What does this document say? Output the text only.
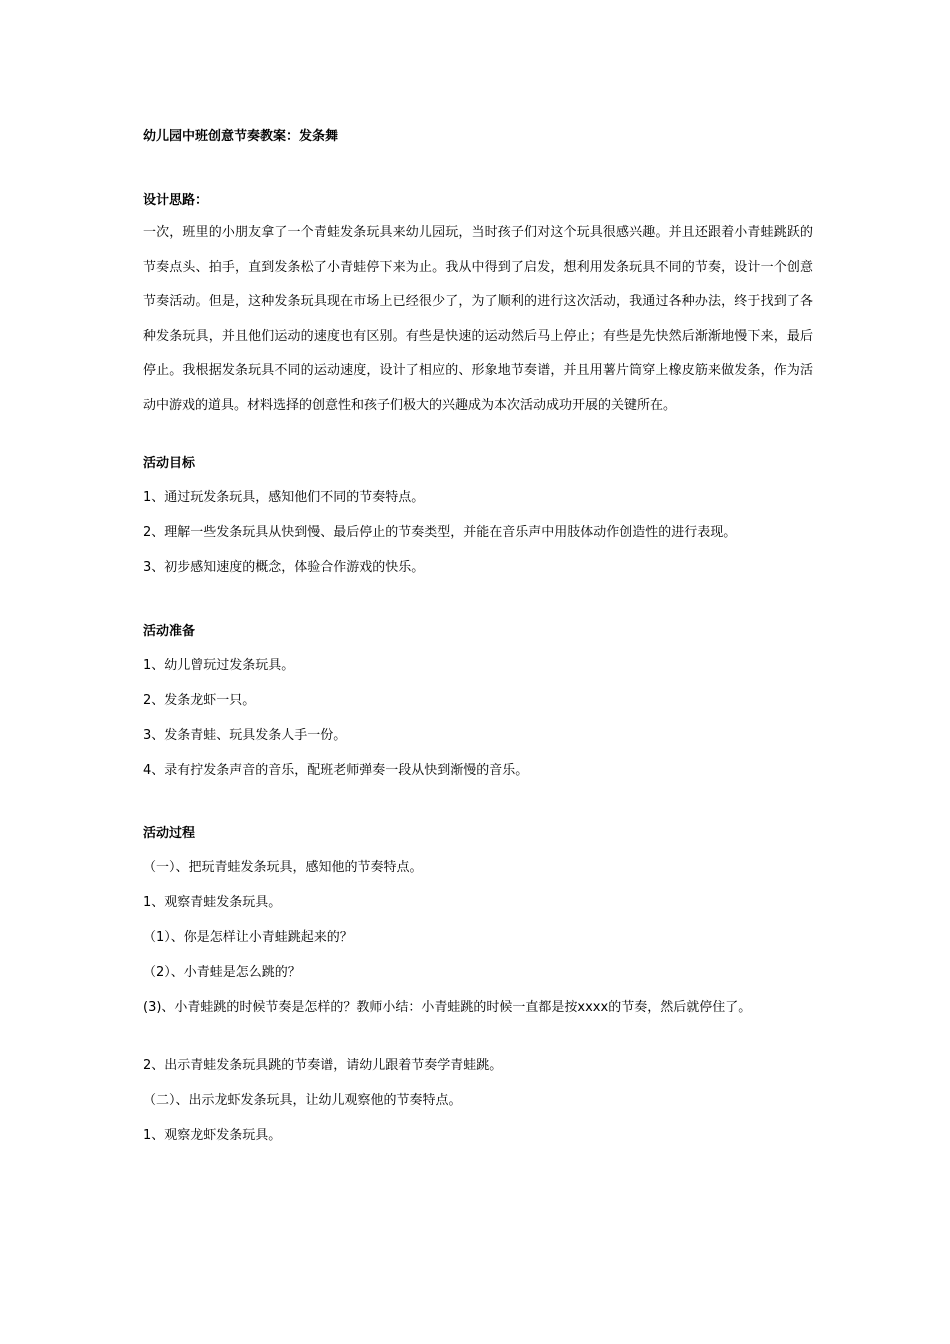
幼儿园中班创意节奏教案：发条舞

设计思路：

一次，班里的小朋友拿了一个青蛙发条玩具来幼儿园玩，当时孩子们对这个玩具很感兴趣。并且还跟着小青蛙跳跃的节奏点头、拍手，直到发条松了小青蛙停下来为止。我从中得到了启发，想利用发条玩具不同的节奏，设计一个创意节奏活动。但是，这种发条玩具现在市场上已经很少了，为了顺利的进行这次活动，我通过各种办法，终于找到了各种发条玩具，并且他们运动的速度也有区别。有些是快速的运动然后马上停止；有些是先快然后渐渐地慢下来，最后停止。我根据发条玩具不同的运动速度，设计了相应的、形象地节奏谱，并且用薯片筒穿上橡皮筋来做发条，作为活动中游戏的道具。材料选择的创意性和孩子们极大的兴趣成为本次活动成功开展的关键所在。

活动目标

1、通过玩发条玩具，感知他们不同的节奏特点。

2、理解一些发条玩具从快到慢、最后停止的节奏类型，并能在音乐声中用肢体动作创造性的进行表现。

3、初步感知速度的概念，体验合作游戏的快乐。

活动准备

1、幼儿曾玩过发条玩具。

2、发条龙虾一只。

3、发条青蛙、玩具发条人手一份。

4、录有拧发条声音的音乐，配班老师弹奏一段从快到渐慢的音乐。

活动过程

（一）、把玩青蛙发条玩具，感知他的节奏特点。

1、观察青蛙发条玩具。

（1）、你是怎样让小青蛙跳起来的？

（2）、小青蛙是怎么跳的？

(3)、小青蛙跳的时候节奏是怎样的？教师小结：小青蛙跳的时候一直都是按xxxx的节奏，然后就停住了。

2、出示青蛙发条玩具跳的节奏谱，请幼儿跟着节奏学青蛙跳。

（二）、出示龙虾发条玩具，让幼儿观察他的节奏特点。

1、观察龙虾发条玩具。
